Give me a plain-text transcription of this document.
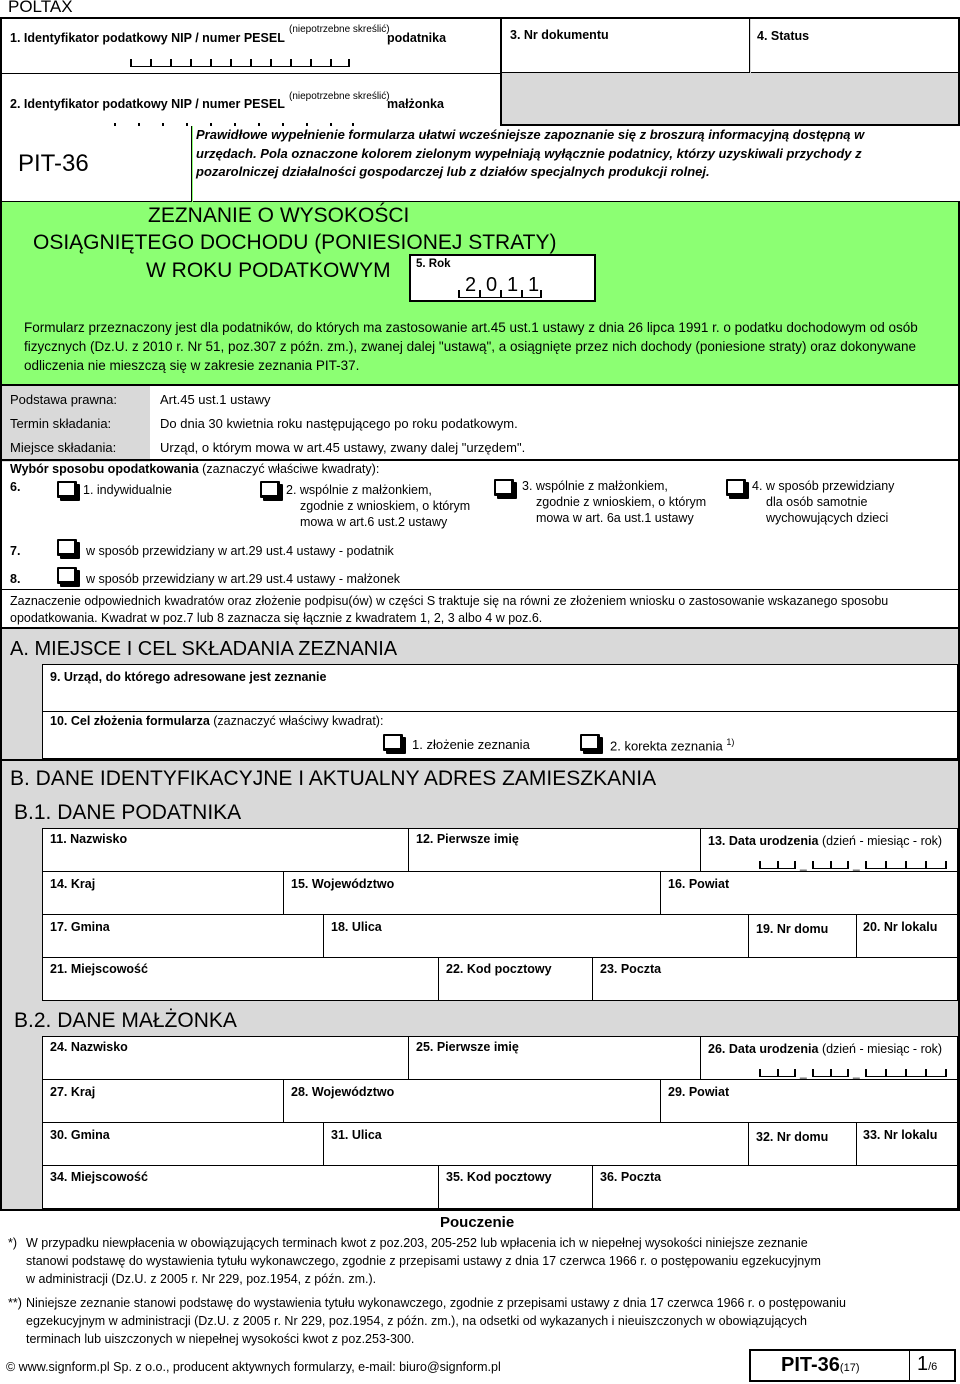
POLTAX
1. Identyfikator podatkowy NIP / numer PESEL
(niepotrzebne skreślić)
podatnika
2. Identyfikator podatkowy NIP / numer PESEL
(niepotrzebne skreślić)
małżonka
3. Nr dokumentu	4. Status
PIT-36
Prawidłowe wypełnienie formularza ułatwi wcześniejsze zapoznanie się z broszurą informacyjną dostępną w urzędach. Pola oznaczone kolorem zielonym wypełniają wyłącznie podatnicy, którzy uzyskiwali przychody z pozarolniczej działalności gospodarczej lub z działów specjalnych produkcji rolnej.
ZEZNANIE O WYSOKOŚCI
OSIĄGNIĘTEGO DOCHODU (PONIESIONEJ STRATY)
W ROKU PODATKOWYM 5. Rok
2 0 1 1
Formularz przeznaczony jest dla podatników, do których ma zastosowanie art.45 ust.1 ustawy z dnia 26 lipca 1991 r. o podatku dochodowym od osób fizycznych (Dz.U. z 2010 r. Nr 51, poz.307 z późn. zm.), zwanej dalej "ustawą", a osiągnięte przez nich dochody (poniesione straty) oraz dokonywane odliczenia nie mieszczą się w zakresie zeznania PIT-37.
Podstawa prawna:	Art.45 ust.1 ustawy
Termin składania:	Do dnia 30 kwietnia roku następującego po roku podatkowym.
Miejsce składania:	Urząd, o którym mowa w art.45 ustawy, zwany dalej "urzędem".
Wybór sposobu opodatkowania (zaznaczyć właściwe kwadraty):
6.	1. indywidualnie	2. wspólnie z małżonkiem,
zgodnie z wnioskiem, o którym
mowa w art.6 ust.2 ustawy
3. wspólnie z małżonkiem,
zgodnie z wnioskiem, o którym
mowa w art. 6a ust.1 ustawy
4. w sposób przewidziany
dla osób samotnie
wychowujących dzieci
7.	w sposób przewidziany w art.29 ust.4 ustawy - podatnik
8.	w sposób przewidziany w art.29 ust.4 ustawy - małżonek
Zaznaczenie odpowiednich kwadratów oraz złożenie podpisu(ów) w części S traktuje się na równi ze złożeniem wniosku o zastosowanie wskazanego sposobu opodatkowania. Kwadrat w poz.7 lub 8 zaznacza się łącznie z kwadratem 1, 2, 3 albo 4 w poz.6.
A. MIEJSCE I CEL SKŁADANIA ZEZNANIA
9. Urząd, do którego adresowane jest zeznanie
10. Cel złożenia formularza (zaznaczyć właściwy kwadrat):
1. złożenie zeznania	2. korekta zeznania $^{1)}$
B. DANE IDENTYFIKACYJNE I AKTUALNY ADRES ZAMIESZKANIA
B.1. DANE PODATNIKA
11. Nazwisko	12. Pierwsze imię	13. Data urodzenia (dzień - miesiąc - rok)
_	_
14. Kraj	15. Województwo	16. Powiat
17. Gmina	18. Ulica	19. Nr domu	20. Nr lokalu
21. Miejscowość	22. Kod pocztowy	23. Poczta
B.2. DANE MAŁŻONKA
24. Nazwisko	25. Pierwsze imię	26. Data urodzenia (dzień - miesiąc - rok)
_	_
27. Kraj	28. Województwo	29. Powiat
30. Gmina	31. Ulica	32. Nr domu	33. Nr lokalu
34. Miejscowość	35. Kod pocztowy	36. Poczta
Pouczenie
*) W przypadku niewpłacenia w obowiązujących terminach kwot z poz.203, 205-252 lub wpłacenia ich w niepełnej wysokości niniejsze zeznanie
stanowi podstawę do wystawienia tytułu wykonawczego, zgodnie z przepisami ustawy z dnia 17 czerwca 1966 r. o postępowaniu egzekucyjnym
w administracji (Dz.U. z 2005 r. Nr 229, poz.1954, z późn. zm.).
**) Niniejsze zeznanie stanowi podstawę do wystawienia tytułu wykonawczego, zgodnie z przepisami ustawy z dnia 17 czerwca 1966 r. o postępowaniu
egzekucyjnym w administracji (Dz.U. z 2005 r. Nr 229, poz.1954, z późn. zm.), na odsetki od wykazanych i nieuiszczonych w obowiązujących
terminach lub uiszczonych w niepełnej wysokości kwot z poz.253-300.
© www.signform.pl Sp. z o.o., producent aktywnych formularzy, e-mail: biuro@signform.pl	PIT-36(17)	1/6
